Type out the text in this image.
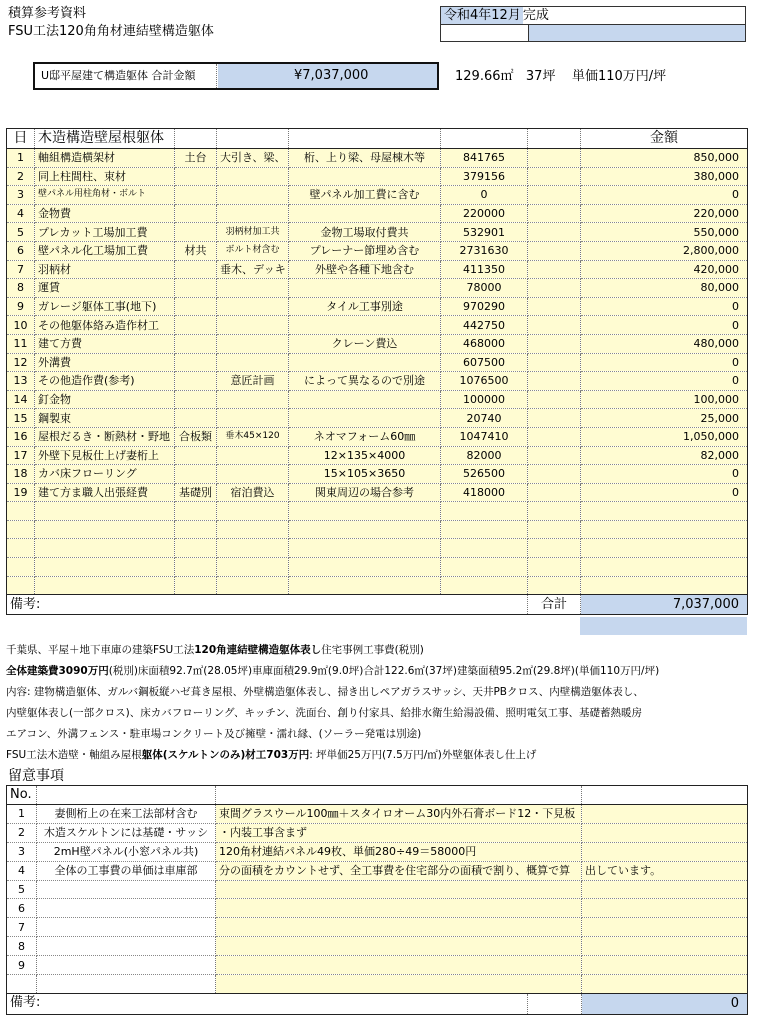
積算参考資料
FSU工法120角角材連結壁構造躯体
令和4年12月 完成
U邸平屋建て構造躯体 合計金額	¥7,037,000	129.66㎡ 37坪 単価110万円/坪
日	木造構造壁屋根躯体						金額
1	軸組構造横架材	土台	大引き、梁、	桁、上り梁、母屋棟木等	841765		850,000
2	同上柱間柱、束材				379156		380,000
3	壁パネル用柱角材・ボルト			壁パネル加工費に含む	0		0
4	金物費				220000		220,000
5	プレカット工場加工費		羽柄材加工共	金物工場取付費共	532901		550,000
6	壁パネル化工場加工費	材共	ボルト材含む	プレーナー節埋め含む	2731630		2,800,000
7	羽柄材		垂木、デッキ	外壁や各種下地含む	411350		420,000
8	運賃				78000		80,000
9	ガレージ躯体工事(地下)			タイル工事別途	970290		0
10	その他躯体絡み造作材工				442750		0
11	建て方費			クレーン費込	468000		480,000
12	外溝費				607500		0
13	その他造作費(参考)		意匠計画	によって異なるので別途	1076500		0
14	釘金物				100000		100,000
15	鋼製束				20740		25,000
16	屋根だるき・断熱材・野地	合板類	垂木45×120	ネオマフォーム60㎜	1047410		1,050,000
17	外壁下見板仕上げ妻桁上			12×135×4000	82000		82,000
18	カバ床フローリング			15×105×3650	526500		0
19	建て方ま職人出張経費	基礎別	宿泊費込	関東周辺の場合参考	418000		0

備考:						合計	7,037,000
千葉県、平屋＋地下車庫の建築FSU工法120角連結壁構造躯体表し住宅事例工事費(税別)
全体建築費3090万円(税別)床面積92.7㎡(28.05坪)車庫面積29.9㎡(9.0坪)合計122.6㎡(37坪)建築面積95.2㎡(29.8坪)(単価110万円/坪)
内容: 建物構造躯体、ガルバ鋼板縦ハゼ葺き屋根、外壁構造躯体表し、掃き出しペアガラスサッシ、天井PBクロス、内壁構造躯体表し、
内壁躯体表し(一部クロス)、床カバフローリング、キッチン、洗面台、創り付家具、給排水衛生給湯設備、照明電気工事、基礎蓄熱暖房
エアコン、外溝フェンス・駐車場コンクリート及び擁壁・濡れ縁、(ソーラー発電は別途)
FSU工法木造壁・軸組み屋根躯体(スケルトンのみ)材工703万円: 坪単価25万円(7.5万円/㎡)外壁躯体表し仕上げ
留意事項
No.			
1	妻側桁上の在来工法部材含む	束間グラスウール100㎜＋スタイロオーム30内外石膏ボード12・下見板	
2	木造スケルトンには基礎・サッシ	・内装工事含まず	
3	2mH壁パネル(小窓パネル共)	120角材連結パネル49枚、単価280÷49＝58000円	
4	全体の工事費の単価は車庫部	分の面積をカウントせず、全工事費を住宅部分の面積で割り、概算で算	出しています。
5			
6			
7			
8			
9			

備考:			0
